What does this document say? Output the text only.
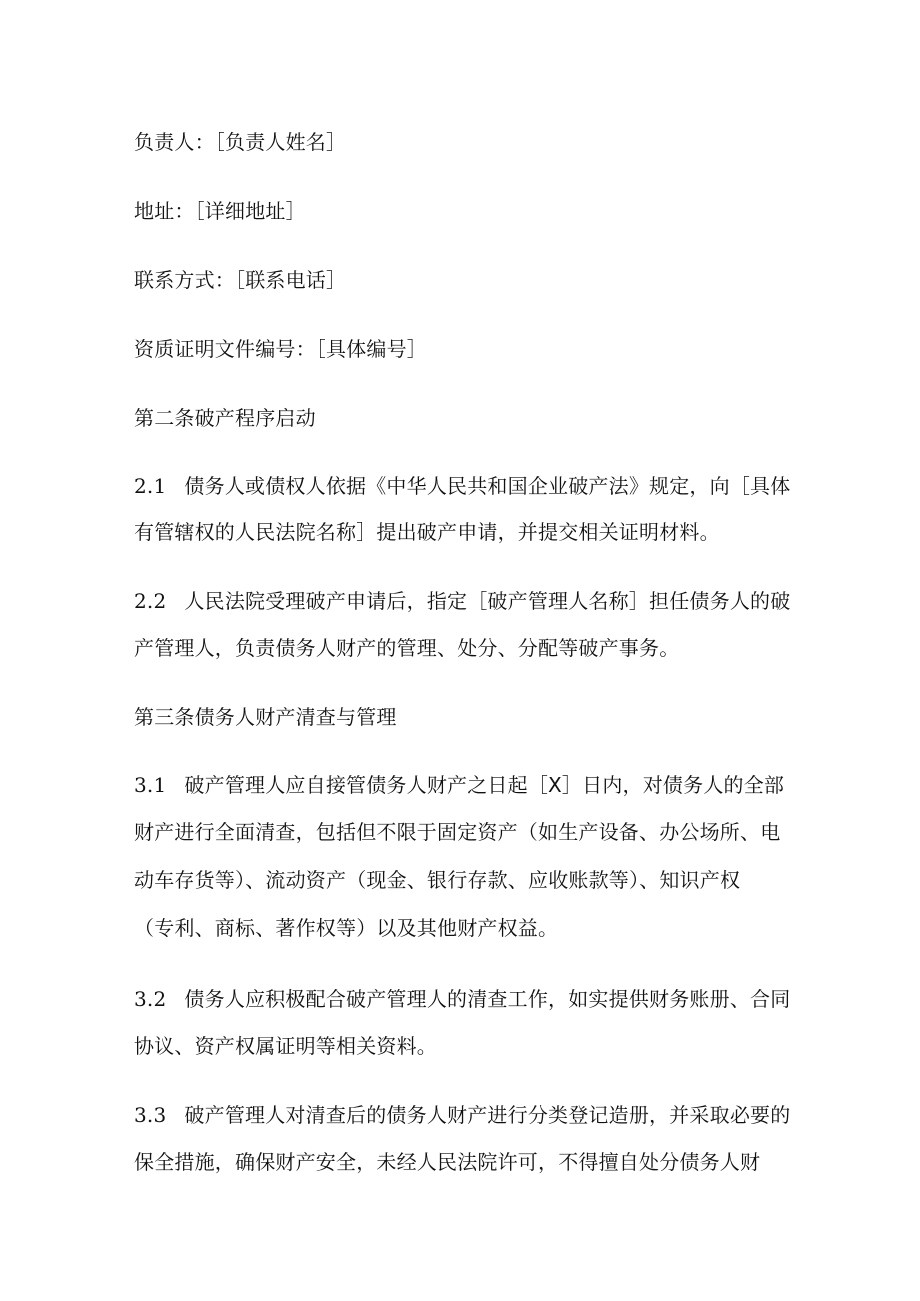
负责人：［负责人姓名］
地址：［详细地址］
联系方式：［联系电话］
资质证明文件编号：［具体编号］
第二条破产程序启动
2.1 债务人或债权人依据《中华人民共和国企业破产法》规定，向［具体
有管辖权的人民法院名称］提出破产申请，并提交相关证明材料。
2.2 人民法院受理破产申请后，指定［破产管理人名称］担任债务人的破
产管理人，负责债务人财产的管理、处分、分配等破产事务。
第三条债务人财产清查与管理
3.1 破产管理人应自接管债务人财产之日起［X］日内，对债务人的全部
财产进行全面清查，包括但不限于固定资产（如生产设备、办公场所、电
动车存货等）、流动资产（现金、银行存款、应收账款等）、知识产权
（专利、商标、著作权等）以及其他财产权益。
3.2 债务人应积极配合破产管理人的清查工作，如实提供财务账册、合同
协议、资产权属证明等相关资料。
3.3 破产管理人对清查后的债务人财产进行分类登记造册，并采取必要的
保全措施，确保财产安全，未经人民法院许可，不得擅自处分债务人财
